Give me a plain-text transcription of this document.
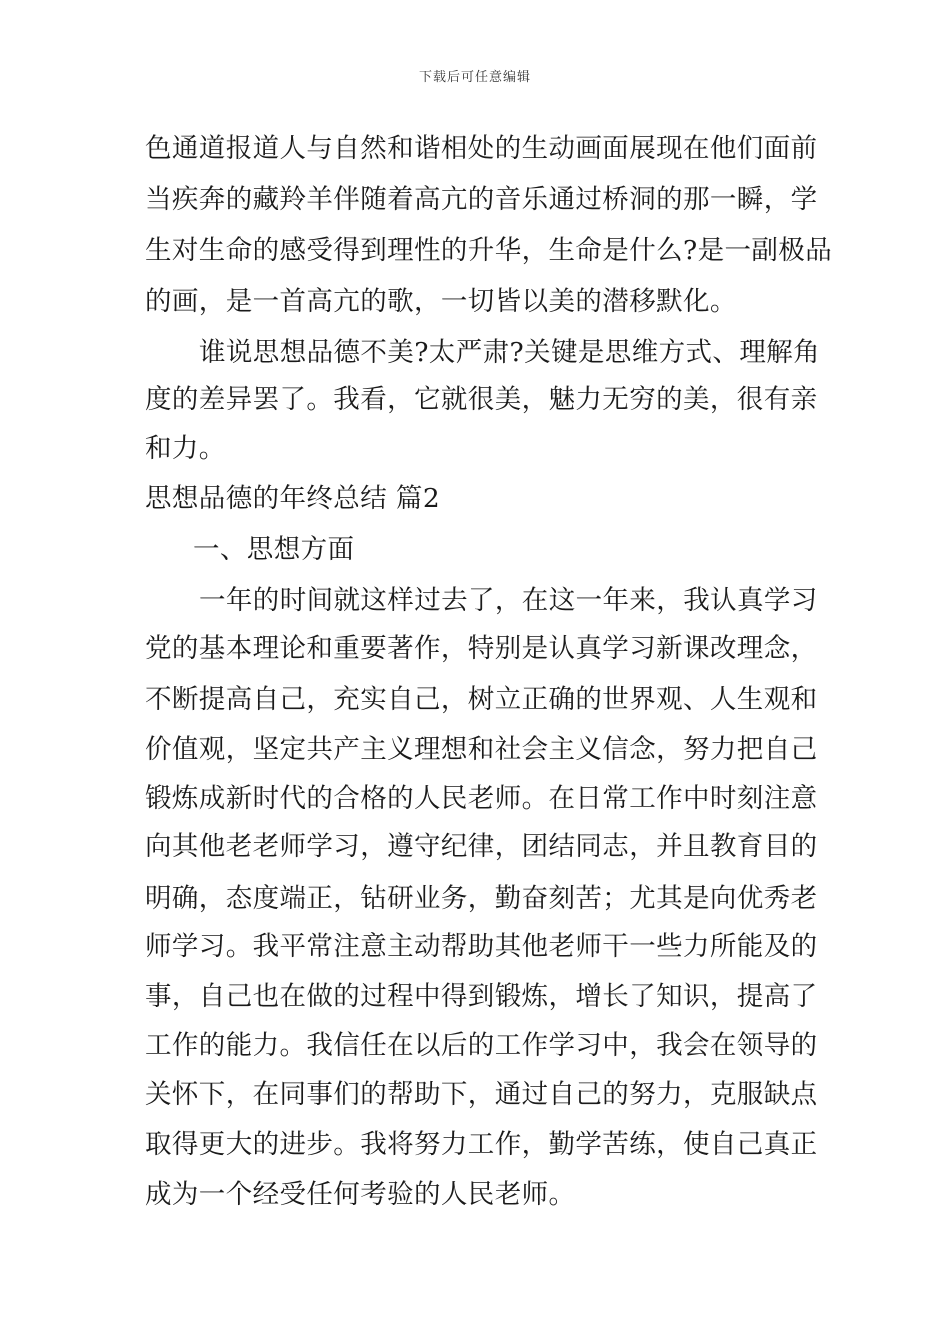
下载后可任意编辑
色通道报道人与自然和谐相处的生动画面展现在他们面前
当疾奔的藏羚羊伴随着高亢的音乐通过桥洞的那一瞬，学
生对生命的感受得到理性的升华，生命是什么?是一副极品
的画，是一首高亢的歌，一切皆以美的潜移默化。
谁说思想品德不美?太严肃?关键是思维方式、理解角
度的差异罢了。我看，它就很美，魅力无穷的美，很有亲
和力。
思想品德的年终总结 篇2
一、思想方面
一年的时间就这样过去了，在这一年来，我认真学习
党的基本理论和重要著作，特别是认真学习新课改理念，
不断提高自己，充实自己，树立正确的世界观、人生观和
价值观，坚定共产主义理想和社会主义信念，努力把自己
锻炼成新时代的合格的人民老师。在日常工作中时刻注意
向其他老老师学习，遵守纪律，团结同志，并且教育目的
明确，态度端正，钻研业务，勤奋刻苦；尤其是向优秀老
师学习。我平常注意主动帮助其他老师干一些力所能及的
事，自己也在做的过程中得到锻炼，增长了知识，提高了
工作的能力。我信任在以后的工作学习中，我会在领导的
关怀下，在同事们的帮助下，通过自己的努力，克服缺点
取得更大的进步。我将努力工作，勤学苦练，使自己真正
成为一个经受任何考验的人民老师。
